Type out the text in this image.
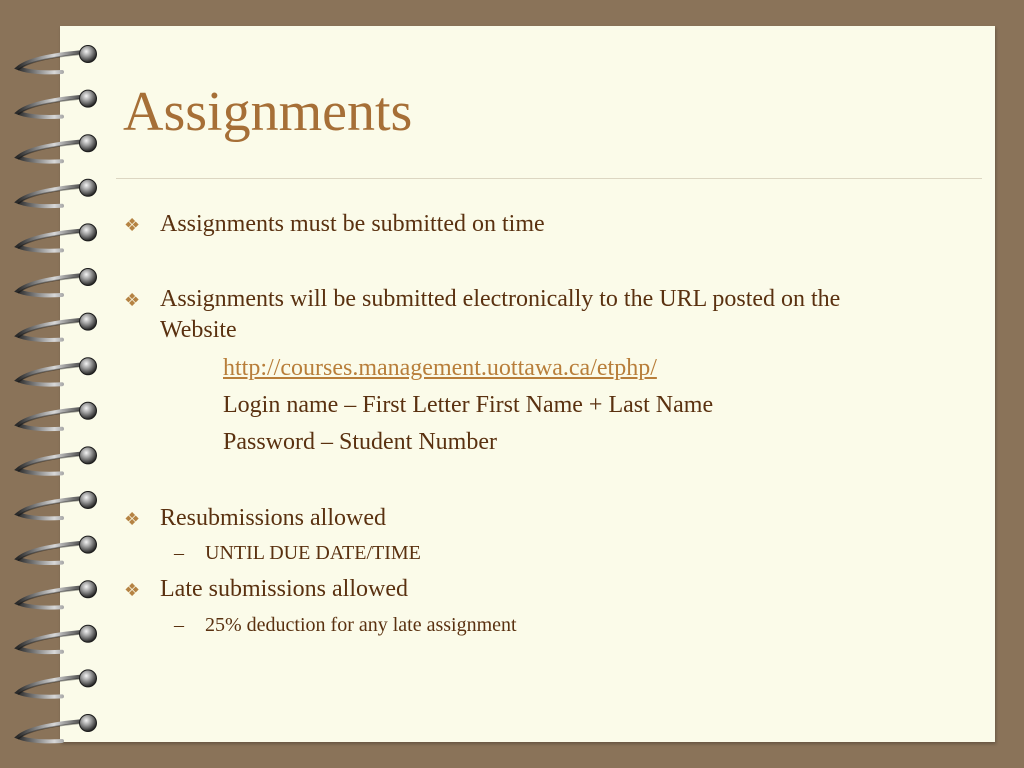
Assignments
❖ Assignments must be submitted on time
❖ Assignments will be submitted electronically to the URL posted on the
Website
http://courses.management.uottawa.ca/etphp/
Login name – First Letter First Name + Last Name
Password – Student Number
❖ Resubmissions allowed
– UNTIL DUE DATE/TIME
❖ Late submissions allowed
– 25% deduction for any late assignment
